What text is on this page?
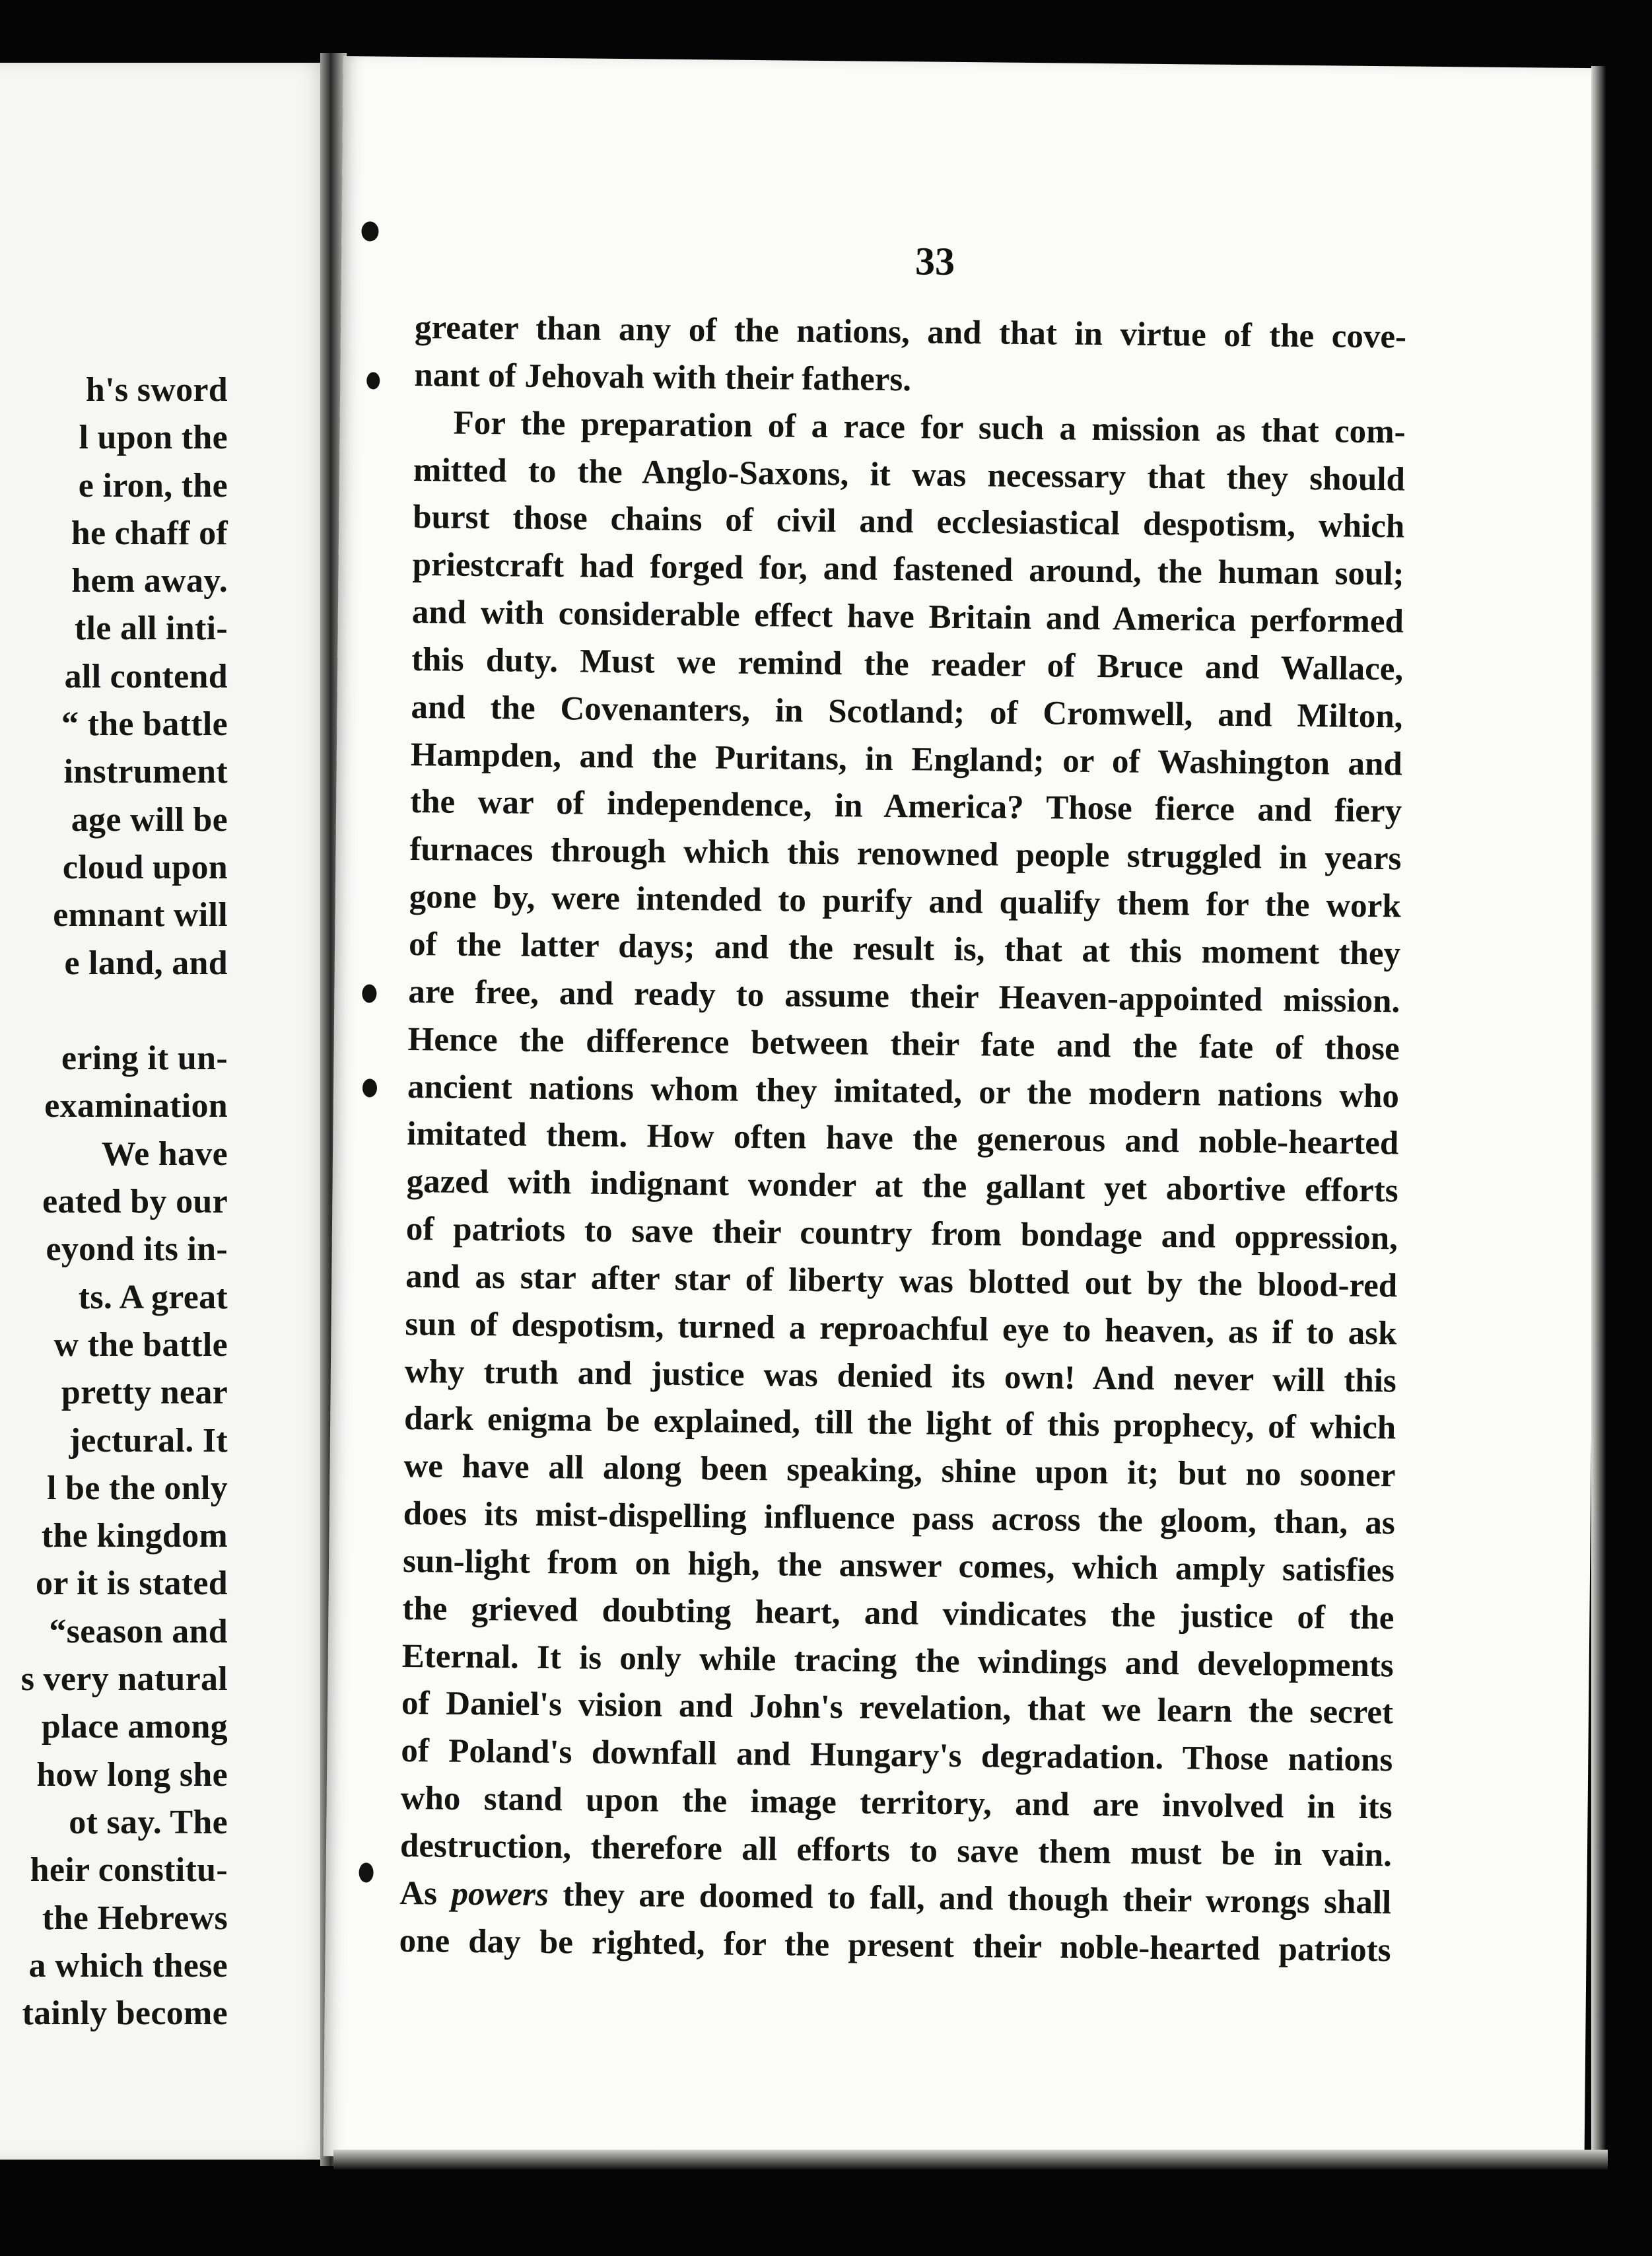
h's sword
l upon the
e iron, the
he chaff of
hem away.
tle all inti-
all contend
“ the battle
instrument
age will be
cloud upon
emnant will
e land, and
ering it un-
examination
We have
eated by our
eyond its in-
ts. A great
w the battle
pretty near
jectural. It
l be the only
the kingdom
or it is stated
“season and
s very natural
place among
how long she
ot say. The
heir constitu-
the Hebrews
a which these
tainly become
33
greater than any of the nations, and that in virtue of the cove-
nant of Jehovah with their fathers.
For the preparation of a race for such a mission as that com-
mitted to the Anglo-Saxons, it was necessary that they should
burst those chains of civil and ecclesiastical despotism, which
priestcraft had forged for, and fastened around, the human soul;
and with considerable effect have Britain and America performed
this duty. Must we remind the reader of Bruce and Wallace,
and the Covenanters, in Scotland; of Cromwell, and Milton,
Hampden, and the Puritans, in England; or of Washington and
the war of independence, in America? Those fierce and fiery
furnaces through which this renowned people struggled in years
gone by, were intended to purify and qualify them for the work
of the latter days; and the result is, that at this moment they
are free, and ready to assume their Heaven-appointed mission.
Hence the difference between their fate and the fate of those
ancient nations whom they imitated, or the modern nations who
imitated them. How often have the generous and noble-hearted
gazed with indignant wonder at the gallant yet abortive efforts
of patriots to save their country from bondage and oppression,
and as star after star of liberty was blotted out by the blood-red
sun of despotism, turned a reproachful eye to heaven, as if to ask
why truth and justice was denied its own! And never will this
dark enigma be explained, till the light of this prophecy, of which
we have all along been speaking, shine upon it; but no sooner
does its mist-dispelling influence pass across the gloom, than, as
sun-light from on high, the answer comes, which amply satisfies
the grieved doubting heart, and vindicates the justice of the
Eternal. It is only while tracing the windings and developments
of Daniel's vision and John's revelation, that we learn the secret
of Poland's downfall and Hungary's degradation. Those nations
who stand upon the image territory, and are involved in its
destruction, therefore all efforts to save them must be in vain.
As powers they are doomed to fall, and though their wrongs shall
one day be righted, for the present their noble-hearted patriots
